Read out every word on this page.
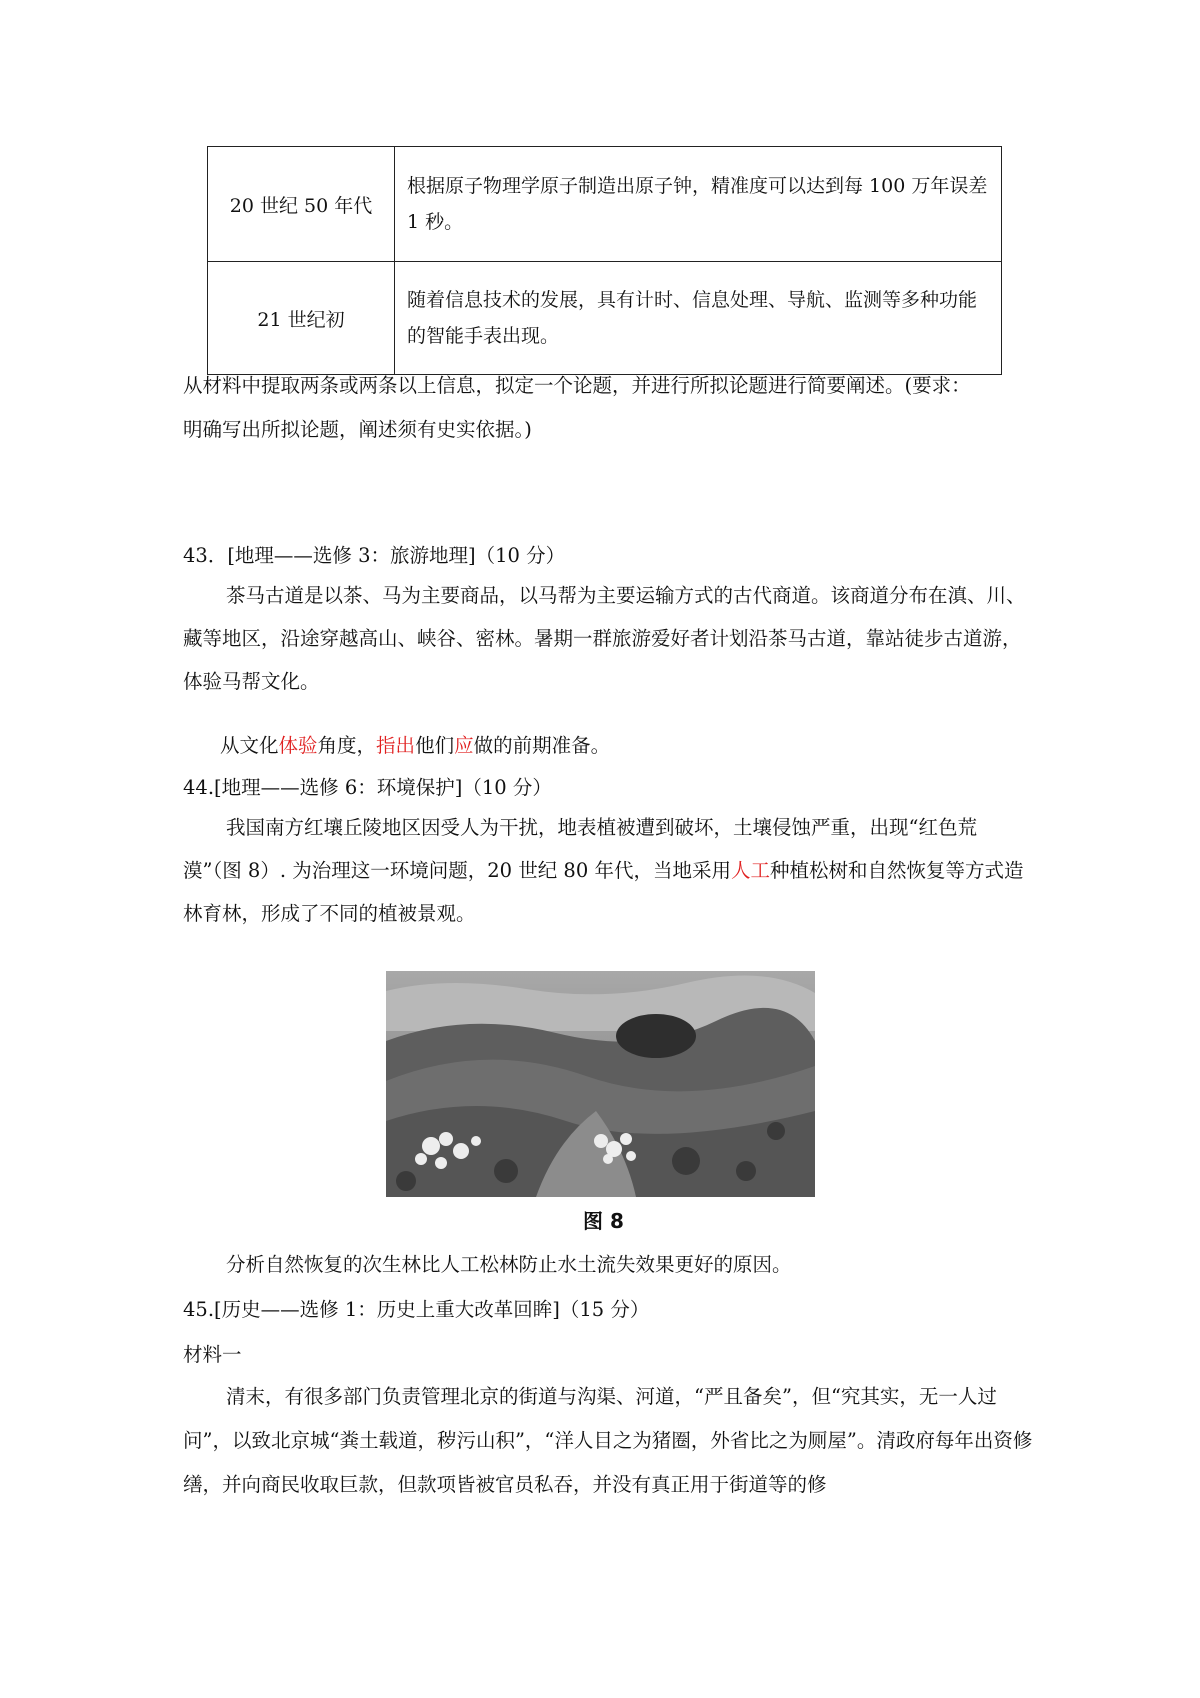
20 世纪 50 年代	根据原子物理学原子制造出原子钟，精准度可以达到每 100 万年误差 1 秒。
21 世纪初	随着信息技术的发展，具有计时、信息处理、导航、监测等多种功能的智能手表出现。
从材料中提取两条或两条以上信息，拟定一个论题，并进行所拟论题进行简要阐述。(要求：
明确写出所拟论题，阐述须有史实依据。)
43．[地理——选修 3：旅游地理]（10 分）
茶马古道是以茶、马为主要商品，以马帮为主要运输方式的古代商道。该商道分布在滇、川、藏等地区，沿途穿越高山、峡谷、密林。暑期一群旅游爱好者计划沿茶马古道，靠站徒步古道游，体验马帮文化。
从文化体验角度，指出他们应做的前期准备。
44.[地理——选修 6：环境保护]（10 分）
我国南方红壤丘陵地区因受人为干扰，地表植被遭到破坏，土壤侵蚀严重，出现“红色荒漠”（图 8）. 为治理这一环境问题，20 世纪 80 年代，当地采用人工种植松树和自然恢复等方式造林育林，形成了不同的植被景观。
图 8
分析自然恢复的次生林比人工松林防止水土流失效果更好的原因。
45.[历史——选修 1：历史上重大改革回眸]（15 分）
材料一
清末，有很多部门负责管理北京的街道与沟渠、河道，“严且备矣”，但“究其实，无一人过问”，以致北京城“粪土载道，秽污山积”，“洋人目之为猪圈，外省比之为厕屋”。清政府每年出资修缮，并向商民收取巨款，但款项皆被官员私吞，并没有真正用于街道等的修
